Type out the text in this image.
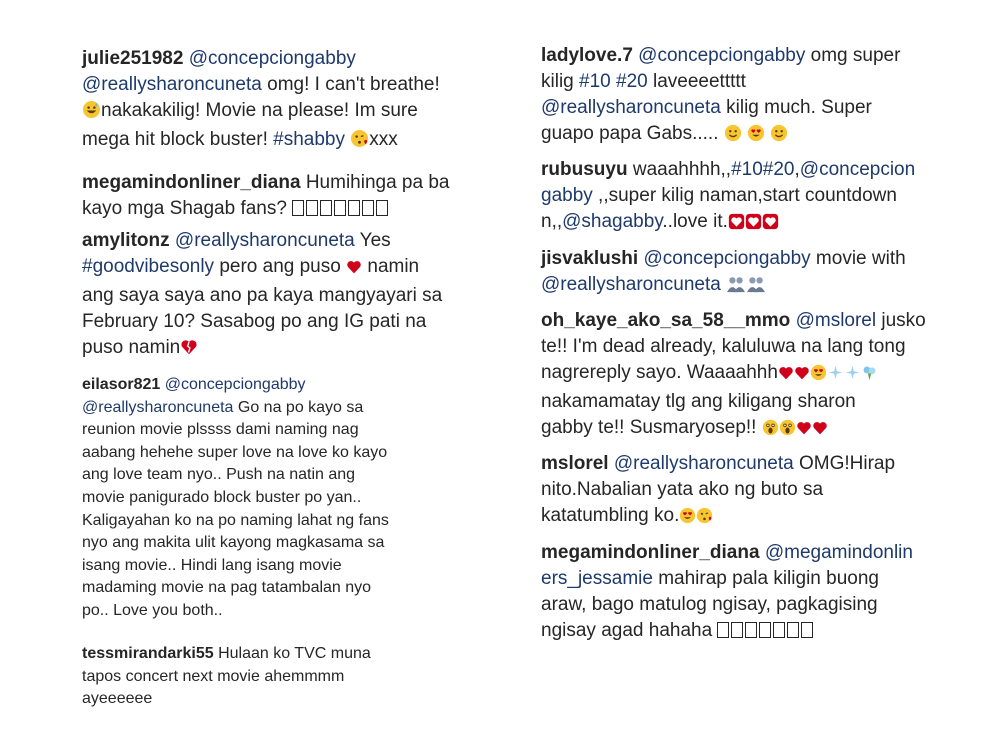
julie251982 @concepciongabby
@reallysharoncuneta omg! I can't breathe!
nakakakilig! Movie na please! Im sure
mega hit block buster! #shabby xxx

megamindonliner_diana Humihinga pa ba
kayo mga Shagab fans?

amylitonz @reallysharoncuneta Yes
#goodvibesonly pero ang puso  namin
ang saya saya ano pa kaya mangyayari sa
February 10? Sasabog po ang IG pati na
puso namin

eilasor821 @concepciongabby
@reallysharoncuneta Go na po kayo sa
reunion movie plssss dami naming nag
aabang hehehe super love na love ko kayo
ang love team nyo.. Push na natin ang
movie panigurado block buster po yan..
Kaligayahan ko na po naming lahat ng fans
nyo ang makita ulit kayong magkasama sa
isang movie.. Hindi lang isang movie
madaming movie na pag tatambalan nyo
po.. Love you both..

tessmirandarki55 Hulaan ko TVC muna
tapos concert next movie ahemmmm
ayeeeeee

ladylove.7 @concepciongabby omg super
kilig #10 #20 laveeeettttt
@reallysharoncuneta kilig much. Super
guapo papa Gabs.....

rubusuyu waaahhhh,,#10#20,@concepcion
gabby ,,super kilig naman,start countdown
n,,@shagabby..love it.

jisvaklushi @concepciongabby movie with
@reallysharoncuneta

oh_kaye_ako_sa_58__mmo @mslorel jusko
te!! I'm dead already, kaluluwa na lang tong
nagrereply sayo. Waaaahhh
nakamamatay tlg ang kiligang sharon
gabby te!! Susmaryosep!!

mslorel @reallysharoncuneta OMG!Hirap
nito.Nabalian yata ako ng buto sa
katatumbling ko.

megamindonliner_diana @megamindonlin
ers_jessamie mahirap pala kiligin buong
araw, bago matulog ngisay, pagkagising
ngisay agad hahaha
